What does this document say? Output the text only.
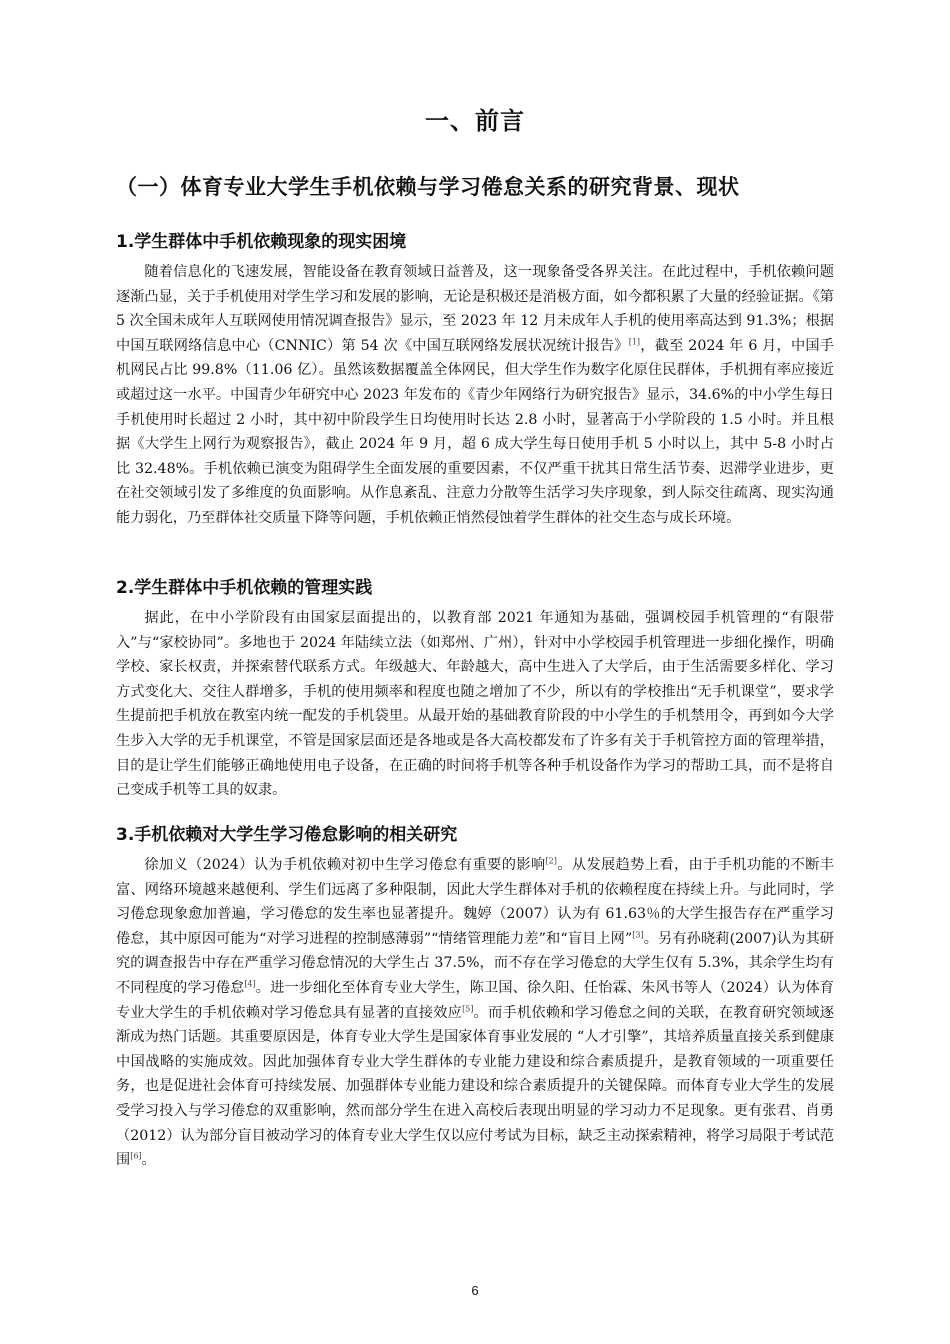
一、前言
（一）体育专业大学生手机依赖与学习倦怠关系的研究背景、现状
1.学生群体中手机依赖现象的现实困境

随着信息化的飞速发展，智能设备在教育领域日益普及，这一现象备受各界关注。在此过程中，手机依赖问题逐渐凸显，关于手机使用对学生学习和发展的影响，无论是积极还是消极方面，如今都积累了大量的经验证据。《第 5 次全国未成年人互联网使用情况调查报告》显示，至 2023 年 12 月未成年人手机的使用率高达到 91.3%；根据中国互联网络信息中心（CNNIC）第 54 次《中国互联网络发展状况统计报告》[1]，截至 2024 年 6 月，中国手机网民占比 99.8%（11.06 亿）。虽然该数据覆盖全体网民，但大学生作为数字化原住民群体，手机拥有率应接近或超过这一水平。中国青少年研究中心 2023 年发布的《青少年网络行为研究报告》显示，34.6%的中小学生每日手机使用时长超过 2 小时，其中初中阶段学生日均使用时长达 2.8 小时，显著高于小学阶段的 1.5 小时。并且根据《大学生上网行为观察报告》，截止 2024 年 9 月，超 6 成大学生每日使用手机 5 小时以上，其中 5-8 小时占比 32.48%。手机依赖已演变为阻碍学生全面发展的重要因素，不仅严重干扰其日常生活节奏、迟滞学业进步，更在社交领域引发了多维度的负面影响。从作息紊乱、注意力分散等生活学习失序现象，到人际交往疏离、现实沟通能力弱化，乃至群体社交质量下降等问题，手机依赖正悄然侵蚀着学生群体的社交生态与成长环境。

2.学生群体中手机依赖的管理实践

据此，在中小学阶段有由国家层面提出的，以教育部 2021 年通知为基础，强调校园手机管理的“有限带入”与“家校协同”。多地也于 2024 年陆续立法（如郑州、广州），针对中小学校园手机管理进一步细化操作，明确学校、家长权责，并探索替代联系方式。年级越大、年龄越大，高中生进入了大学后，由于生活需要多样化、学习方式变化大、交往人群增多，手机的使用频率和程度也随之增加了不少，所以有的学校推出“无手机课堂”，要求学生提前把手机放在教室内统一配发的手机袋里。从最开始的基础教育阶段的中小学生的手机禁用令，再到如今大学生步入大学的无手机课堂，不管是国家层面还是各地或是各大高校都发布了许多有关于手机管控方面的管理举措，目的是让学生们能够正确地使用电子设备，在正确的时间将手机等各种手机设备作为学习的帮助工具，而不是将自己变成手机等工具的奴隶。

3.手机依赖对大学生学习倦怠影响的相关研究

徐加义（2024）认为手机依赖对初中生学习倦怠有重要的影响[2]。从发展趋势上看，由于手机功能的不断丰富、网络环境越来越便利、学生们远离了多种限制，因此大学生群体对手机的依赖程度在持续上升。与此同时，学习倦怠现象愈加普遍，学习倦怠的发生率也显著提升。魏婷（2007）认为有 61.63％的大学生报告存在严重学习倦怠，其中原因可能为“对学习进程的控制感薄弱”“情绪管理能力差”和“盲目上网”[3]。另有孙晓莉(2007)认为其研究的调查报告中存在严重学习倦怠情况的大学生占 37.5%，而不存在学习倦怠的大学生仅有 5.3%，其余学生均有不同程度的学习倦怠[4]。进一步细化至体育专业大学生，陈卫国、徐久阳、任怡霖、朱风书等人（2024）认为体育专业大学生的手机依赖对学习倦怠具有显著的直接效应[5]。而手机依赖和学习倦怠之间的关联，在教育研究领域逐渐成为热门话题。其重要原因是，体育专业大学生是国家体育事业发展的 “人才引擎”，其培养质量直接关系到健康中国战略的实施成效。因此加强体育专业大学生群体的专业能力建设和综合素质提升，是教育领域的一项重要任务，也是促进社会体育可持续发展、加强群体专业能力建设和综合素质提升的关键保障。而体育专业大学生的发展受学习投入与学习倦怠的双重影响，然而部分学生在进入高校后表现出明显的学习动力不足现象。更有张君、肖勇（2012）认为部分盲目被动学习的体育专业大学生仅以应付考试为目标，缺乏主动探索精神，将学习局限于考试范围[6]。

6
